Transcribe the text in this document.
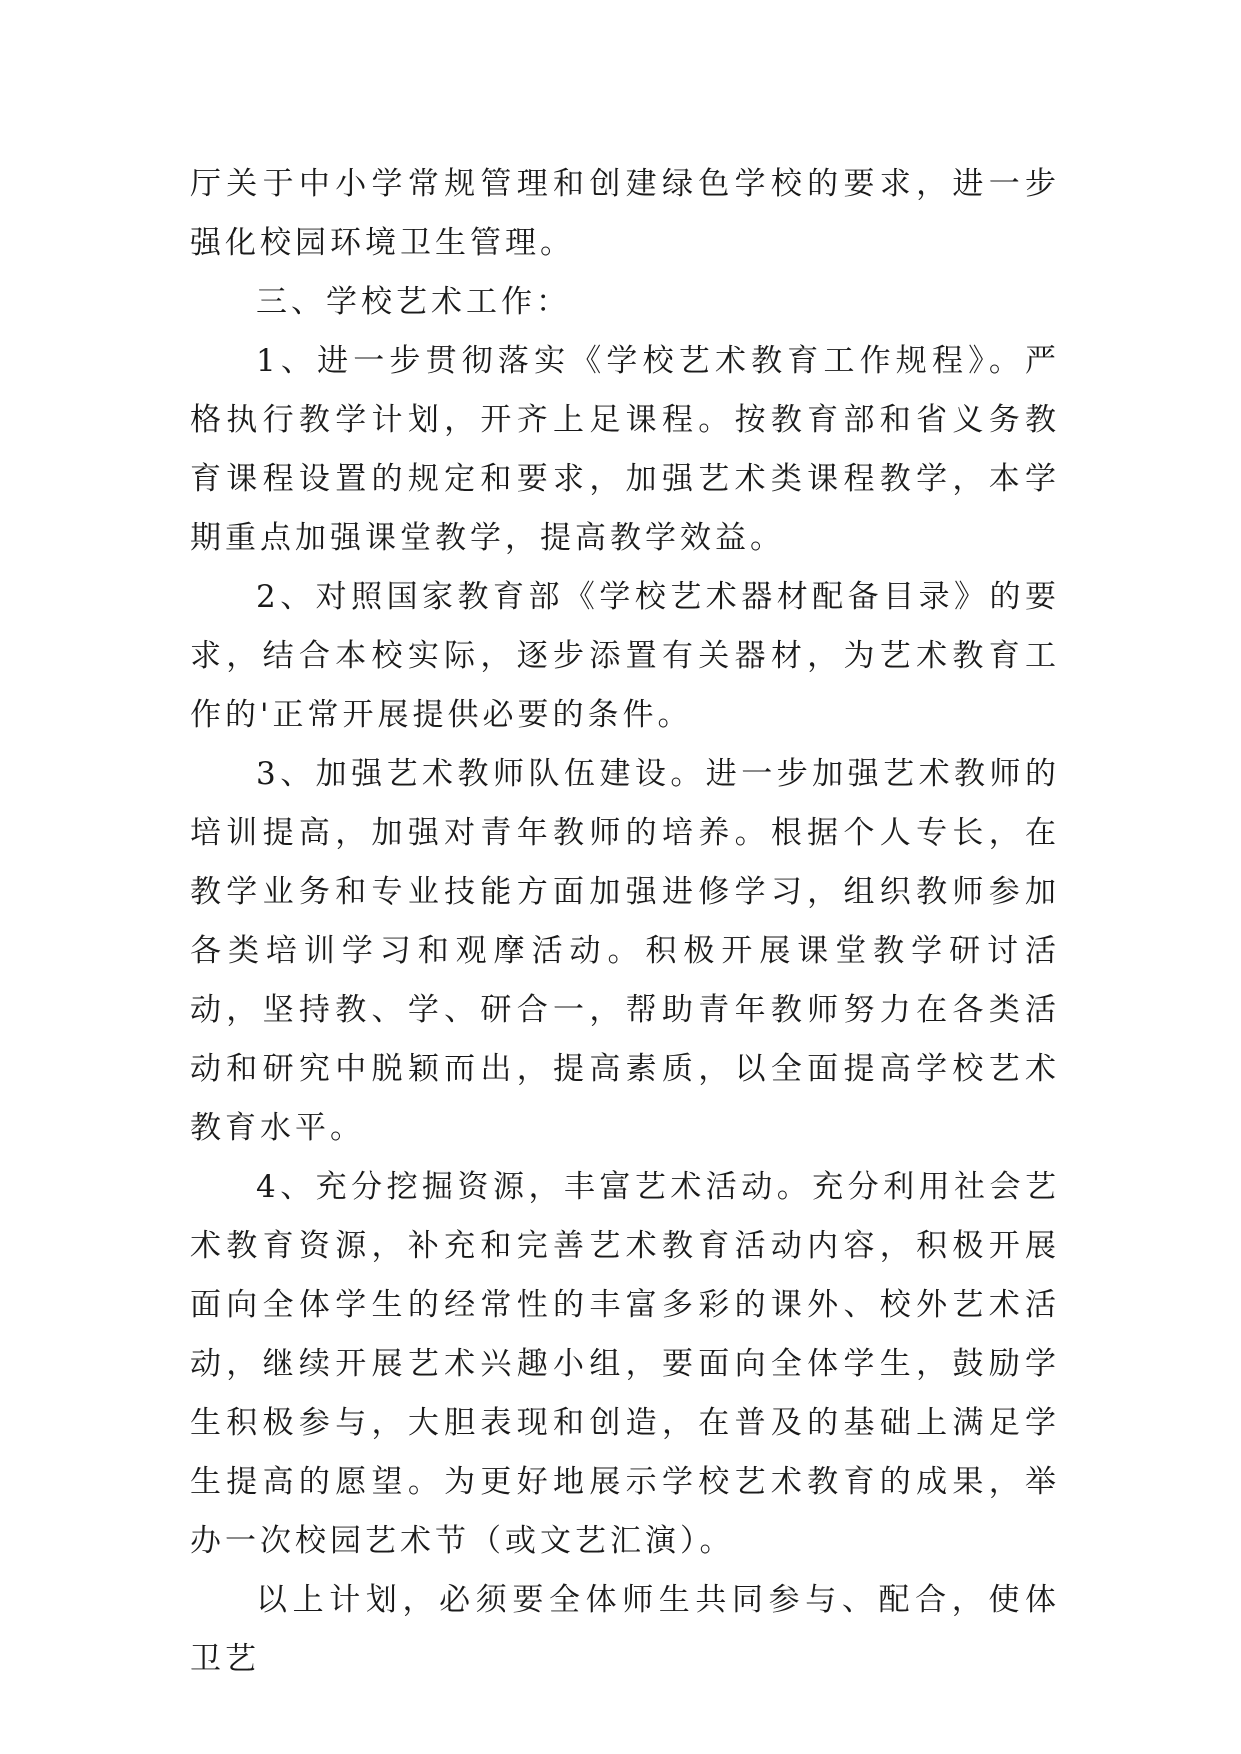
厅关于中小学常规管理和创建绿色学校的要求，进一步强化校园环境卫生管理。

三、学校艺术工作：

1、进一步贯彻落实《学校艺术教育工作规程》。严格执行教学计划，开齐上足课程。按教育部和省义务教育课程设置的规定和要求，加强艺术类课程教学，本学期重点加强课堂教学，提高教学效益。

2、对照国家教育部《学校艺术器材配备目录》的要求，结合本校实际，逐步添置有关器材，为艺术教育工作的'正常开展提供必要的条件。

3、加强艺术教师队伍建设。进一步加强艺术教师的培训提高，加强对青年教师的培养。根据个人专长，在教学业务和专业技能方面加强进修学习，组织教师参加各类培训学习和观摩活动。积极开展课堂教学研讨活动，坚持教、学、研合一，帮助青年教师努力在各类活动和研究中脱颖而出，提高素质，以全面提高学校艺术教育水平。

4、充分挖掘资源，丰富艺术活动。充分利用社会艺术教育资源，补充和完善艺术教育活动内容，积极开展面向全体学生的经常性的丰富多彩的课外、校外艺术活动，继续开展艺术兴趣小组，要面向全体学生，鼓励学生积极参与，大胆表现和创造，在普及的基础上满足学生提高的愿望。为更好地展示学校艺术教育的成果，举办一次校园艺术节（或文艺汇演）。

以上计划，必须要全体师生共同参与、配合，使体卫艺
